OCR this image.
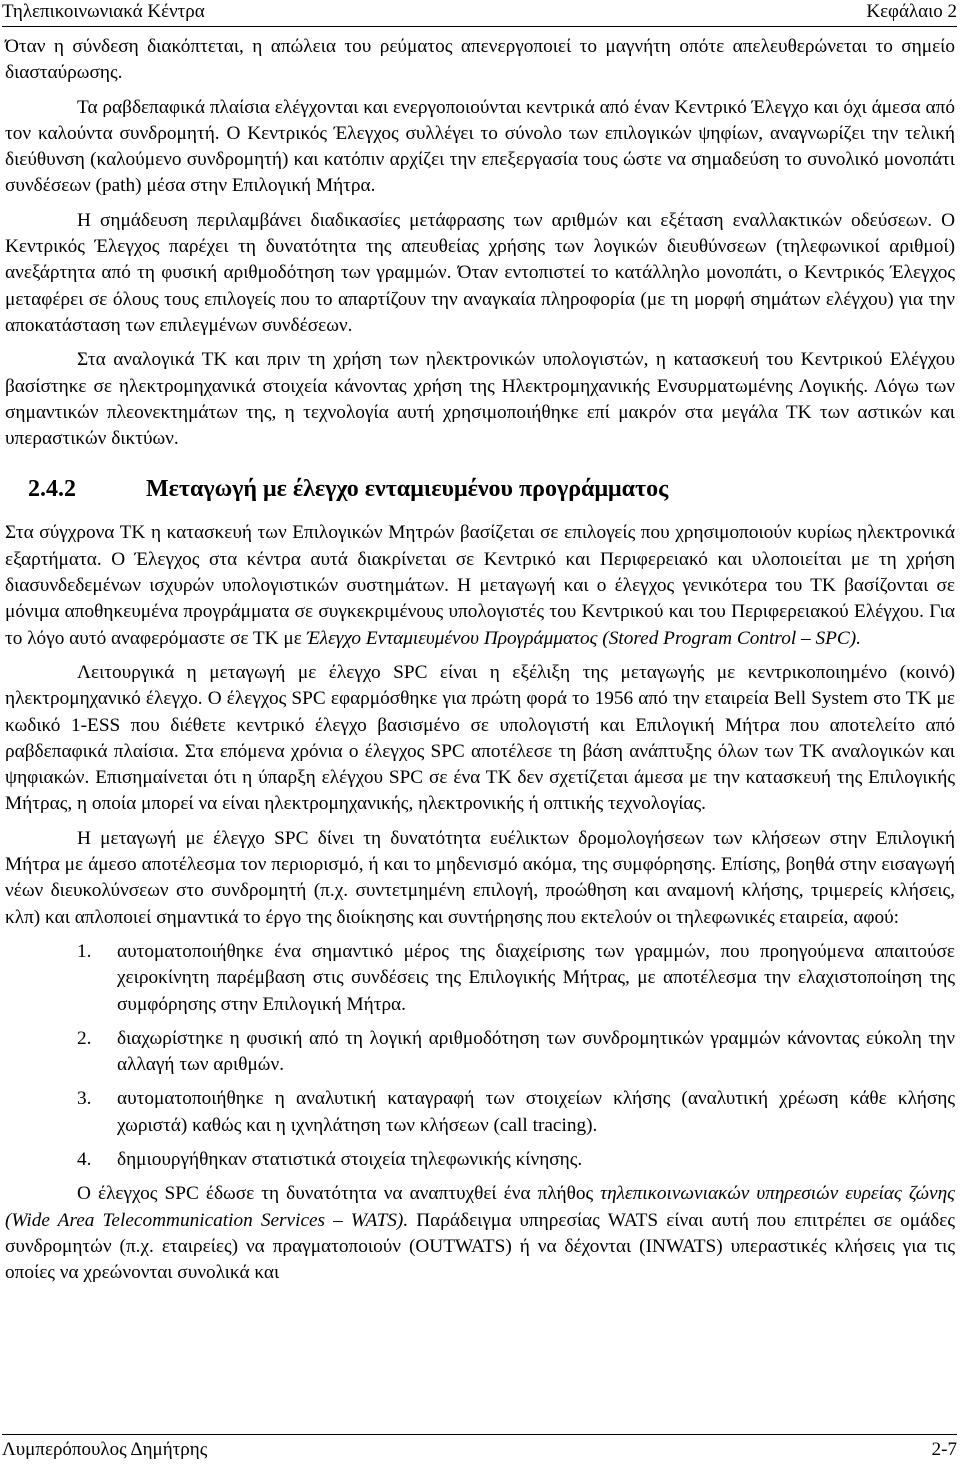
Τηλεπικοινωνιακά Κέντρα	Κεφάλαιο 2

Όταν η σύνδεση διακόπτεται, η απώλεια του ρεύματος απενεργοποιεί το μαγνήτη οπότε απελευθερώνεται το σημείο διασταύρωσης.

Τα ραβδεπαφικά πλαίσια ελέγχονται και ενεργοποιούνται κεντρικά από έναν Κεντρικό Έλεγχο και όχι άμεσα από τον καλούντα συνδρομητή. Ο Κεντρικός Έλεγχος συλλέγει το σύνολο των επιλογικών ψηφίων, αναγνωρίζει την τελική διεύθυνση (καλούμενο συνδρομητή) και κατόπιν αρχίζει την επεξεργασία τους ώστε να σημαδεύση το συνολικό μονοπάτι συνδέσεων (path) μέσα στην Επιλογική Μήτρα.

Η σημάδευση περιλαμβάνει διαδικασίες μετάφρασης των αριθμών και εξέταση εναλλακτικών οδεύσεων. Ο Κεντρικός Έλεγχος παρέχει τη δυνατότητα της απευθείας χρήσης των λογικών διευθύνσεων (τηλεφωνικοί αριθμοί) ανεξάρτητα από τη φυσική αριθμοδότηση των γραμμών. Όταν εντοπιστεί το κατάλληλο μονοπάτι, ο Κεντρικός Έλεγχος μεταφέρει σε όλους τους επιλογείς που το απαρτίζουν την αναγκαία πληροφορία (με τη μορφή σημάτων ελέγχου) για την αποκατάσταση των επιλεγμένων συνδέσεων.

Στα αναλογικά ΤΚ και πριν τη χρήση των ηλεκτρονικών υπολογιστών, η κατασκευή του Κεντρικού Ελέγχου βασίστηκε σε ηλεκτρομηχανικά στοιχεία κάνοντας χρήση της Ηλεκτρομηχανικής Ενσυρματωμένης Λογικής. Λόγω των σημαντικών πλεονεκτημάτων της, η τεχνολογία αυτή χρησιμοποιήθηκε επί μακρόν στα μεγάλα ΤΚ των αστικών και υπεραστικών δικτύων.

2.4.2	Μεταγωγή με έλεγχο ενταμιευμένου προγράμματος

Στα σύγχρονα ΤΚ η κατασκευή των Επιλογικών Μητρών βασίζεται σε επιλογείς που χρησιμοποιούν κυρίως ηλεκτρονικά εξαρτήματα. Ο Έλεγχος στα κέντρα αυτά διακρίνεται σε Κεντρικό και Περιφερειακό και υλοποιείται με τη χρήση διασυνδεδεμένων ισχυρών υπολογιστικών συστημάτων. Η μεταγωγή και ο έλεγχος γενικότερα του ΤΚ βασίζονται σε μόνιμα αποθηκευμένα προγράμματα σε συγκεκριμένους υπολογιστές του Κεντρικού και του Περιφερειακού Ελέγχου. Για το λόγο αυτό αναφερόμαστε σε ΤΚ με Έλεγχο Ενταμιευμένου Προγράμματος (Stored Program Control – SPC).

Λειτουργικά η μεταγωγή με έλεγχο SPC είναι η εξέλιξη της μεταγωγής με κεντρικοποιημένο (κοινό) ηλεκτρομηχανικό έλεγχο. Ο έλεγχος SPC εφαρμόσθηκε για πρώτη φορά το 1956 από την εταιρεία Bell System στο ΤΚ με κωδικό 1-ESS που διέθετε κεντρικό έλεγχο βασισμένο σε υπολογιστή και Επιλογική Μήτρα που αποτελείτο από ραβδεπαφικά πλαίσια. Στα επόμενα χρόνια ο έλεγχος SPC αποτέλεσε τη βάση ανάπτυξης όλων των ΤΚ αναλογικών και ψηφιακών. Επισημαίνεται ότι η ύπαρξη ελέγχου SPC σε ένα ΤΚ δεν σχετίζεται άμεσα με την κατασκευή της Επιλογικής Μήτρας, η οποία μπορεί να είναι ηλεκτρομηχανικής, ηλεκτρονικής ή οπτικής τεχνολογίας.

Η μεταγωγή με έλεγχο SPC δίνει τη δυνατότητα ευέλικτων δρομολογήσεων των κλήσεων στην Επιλογική Μήτρα με άμεσο αποτέλεσμα τον περιορισμό, ή και το μηδενισμό ακόμα, της συμφόρησης. Επίσης, βοηθά στην εισαγωγή νέων διευκολύνσεων στο συνδρομητή (π.χ. συντετμημένη επιλογή, προώθηση και αναμονή κλήσης, τριμερείς κλήσεις, κλπ) και απλοποιεί σημαντικά το έργο της διοίκησης και συντήρησης που εκτελούν οι τηλεφωνικές εταιρεία, αφού:

1. αυτοματοποιήθηκε ένα σημαντικό μέρος της διαχείρισης των γραμμών, που προηγούμενα απαιτούσε χειροκίνητη παρέμβαση στις συνδέσεις της Επιλογικής Μήτρας, με αποτέλεσμα την ελαχιστοποίηση της συμφόρησης στην Επιλογική Μήτρα.
2. διαχωρίστηκε η φυσική από τη λογική αριθμοδότηση των συνδρομητικών γραμμών κάνοντας εύκολη την αλλαγή των αριθμών.
3. αυτοματοποιήθηκε η αναλυτική καταγραφή των στοιχείων κλήσης (αναλυτική χρέωση κάθε κλήσης χωριστά) καθώς και η ιχνηλάτηση των κλήσεων (call tracing).
4. δημιουργήθηκαν στατιστικά στοιχεία τηλεφωνικής κίνησης.

Ο έλεγχος SPC έδωσε τη δυνατότητα να αναπτυχθεί ένα πλήθος τηλεπικοινωνιακών υπηρεσιών ευρείας ζώνης (Wide Area Telecommunication Services – WATS). Παράδειγμα υπηρεσίας WATS είναι αυτή που επιτρέπει σε ομάδες συνδρομητών (π.χ. εταιρείες) να πραγματοποιούν (OUTWATS) ή να δέχονται (INWATS) υπεραστικές κλήσεις για τις οποίες να χρεώνονται συνολικά και

Λυμπερόπουλος Δημήτρης	2-7
